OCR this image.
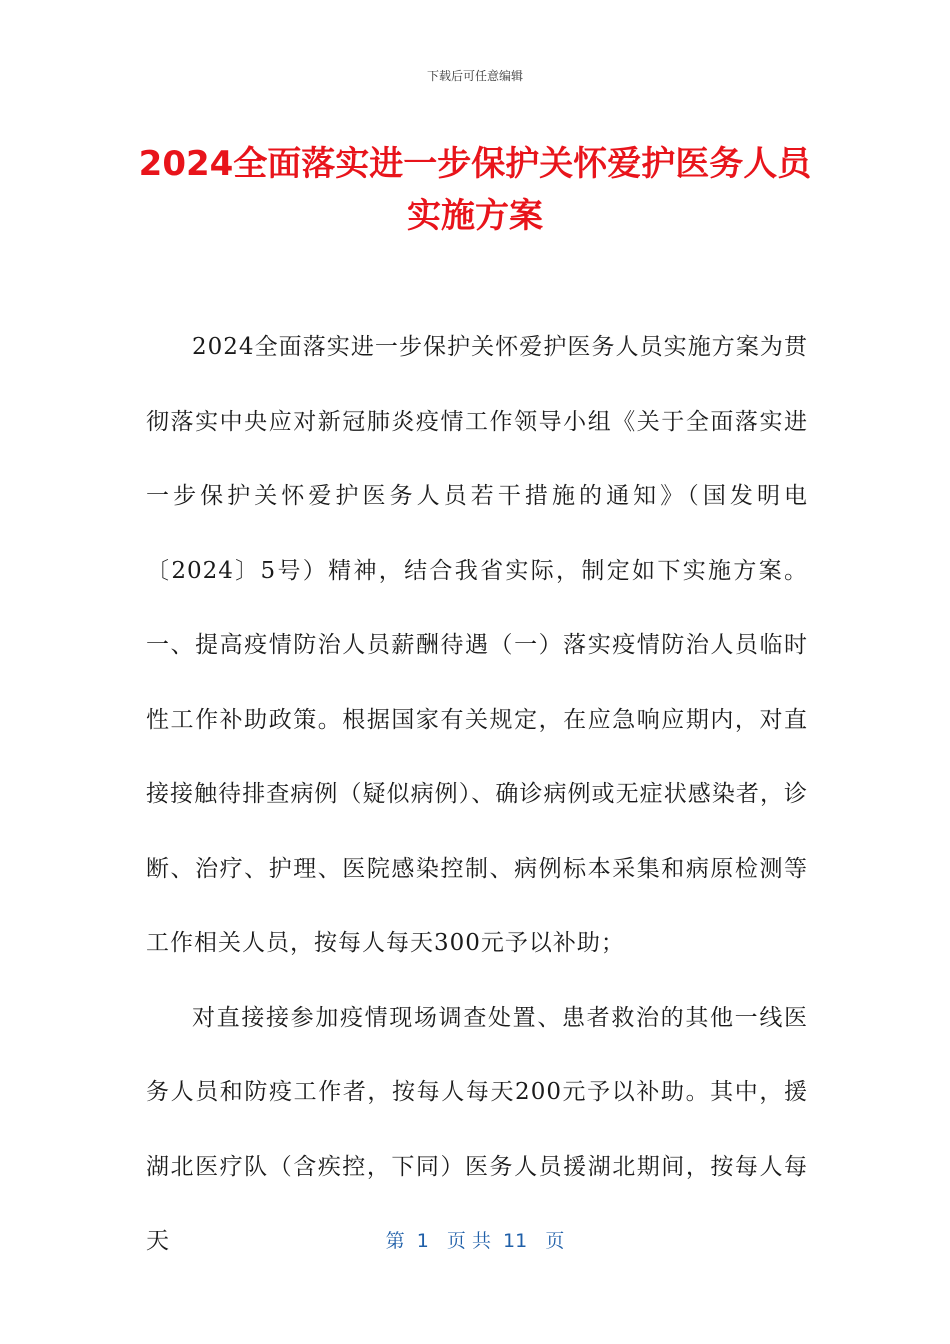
下载后可任意编辑
2024全面落实进一步保护关怀爱护医务人员
实施方案

2024全面落实进一步保护关怀爱护医务人员实施方案为贯彻落实中央应对新冠肺炎疫情工作领导小组《关于全面落实进一步保护关怀爱护医务人员若干措施的通知》（国发明电〔2024〕5号）精神，结合我省实际，制定如下实施方案。一、提高疫情防治人员薪酬待遇（一）落实疫情防治人员临时性工作补助政策。根据国家有关规定，在应急响应期内，对直接接触待排查病例（疑似病例）、确诊病例或无症状感染者，诊断、治疗、护理、医院感染控制、病例标本采集和病原检测等工作相关人员，按每人每天300元予以补助；

对直接接参加疫情现场调查处置、患者救治的其他一线医务人员和防疫工作者，按每人每天200元予以补助。其中，援湖北医疗队（含疾控，下同）医务人员援湖北期间，按每人每天	第  1   页 共  11   页
